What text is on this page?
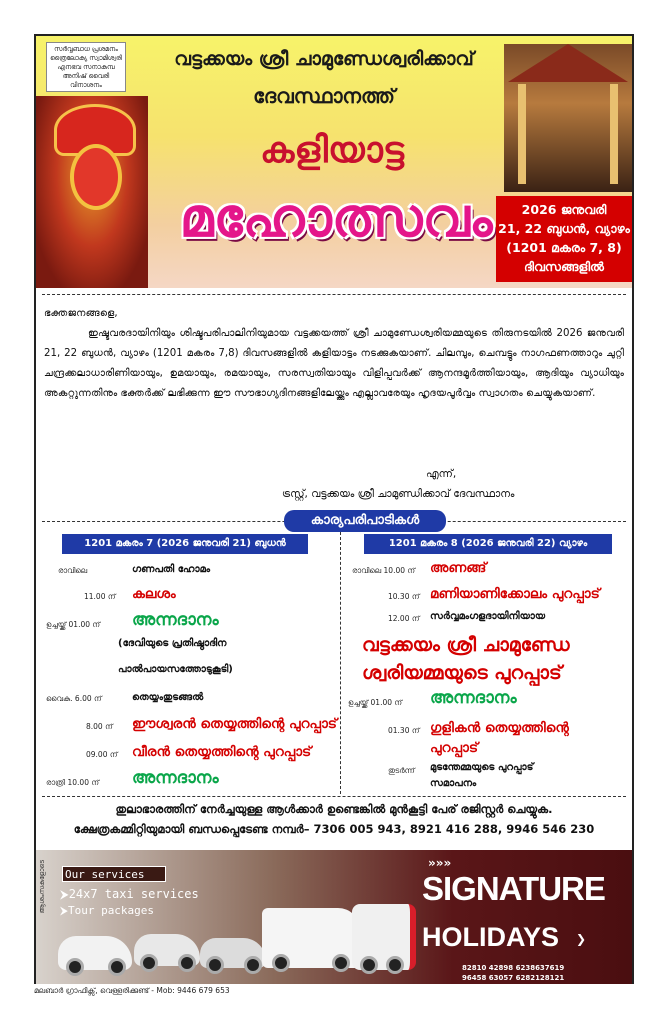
സർവ്വബാധ പ്രശമനം
ത്രൈലോക്യ സ്വാമിശ്വരി
എനഭവ സനാകമ്പ
അനിഷ് വൈരി വിനാശനം
വട്ടക്കയം ശ്രീ ചാമുണ്ഡേശ്വരിക്കാവ്
ദേവസ്ഥാനത്ത്
കളിയാട്ട
മഹോത്സവം	2026 ജനുവരി
21, 22 ബുധൻ, വ്യാഴം
(1201 മകരം 7, 8)
ദിവസങ്ങളിൽ
ഭക്തജനങ്ങളെ,
ഇഷ്ടവരദായിനിയും ശിഷ്ടപരിപാലിനിയുമായ വട്ടക്കയത്ത് ശ്രീ ചാമുണ്ഡേശ്വരിയമ്മയുടെ തിരുനടയിൽ 2026 ജനുവരി 21, 22 ബുധൻ, വ്യാഴം (1201 മകരം 7,8) ദിവസങ്ങളിൽ കളിയാട്ടം നടക്കുകയാണ്. ചിലമ്പും, ചെമ്പട്ടും നാഗഫണത്താറും ചുറ്റി ചന്ദ്രക്കലാധാരിണിയായും, ഉമയായും, രമയായും, സരസ്വതിയായും വിളിപ്പവർക്ക് ആനന്ദമൂർത്തിയായും, ആദിയും വ്യാധിയും അകറ്റുന്നതിനും ഭക്തർക്ക് ലഭിക്കുന്ന ഈ സൗഭാഗ്യദിനങ്ങളിലേയ്ക്കും എല്ലാവരേയും ഹൃദയപൂർവ്വം സ്വാഗതം ചെയ്യുകയാണ്.
എന്ന്,
ട്രസ്റ്റ്, വട്ടക്കയം ശ്രീ ചാമുണ്ഡിക്കാവ് ദേവസ്ഥാനം
കാര്യപരിപാടികൾ
1201 മകരം 7 (2026 ജനുവരി 21) ബുധൻ	1201 മകരം 8 (2026 ജനുവരി 22) വ്യാഴം
രാവിലെ	ഗണപതി ഹോമം
11.00 ന് കലശം
ഉച്ചയ്ക്ക് 01.00 ന് അന്നദാനം
(ദേവിയുടെ പ്രതിഷ്ഠാദിന
പാൽപായസത്തോടുകൂടി)
വൈകു. 6.00 ന്	തെയ്യംതുടങ്ങൽ
8.00 ന് ഈശ്വരൻ തെയ്യത്തിന്റെ പുറപ്പാട്
09.00 ന് വീരൻ തെയ്യത്തിന്റെ പുറപ്പാട്
രാത്രി 10.00 ന് അന്നദാനം
രാവിലെ 10.00 ന് അണങ്ങ്
10.30 ന് മണിയാണിക്കോലം പുറപ്പാട്
12.00 ന് സർവ്വമംഗളദായിനിയായ
വട്ടക്കയം ശ്രീ ചാമുണ്ഡേ
ശ്വരിയമ്മയുടെ പുറപ്പാട്
ഉച്ചയ്ക്ക് 01.00 ന് അന്നദാനം
01.30 ന് ഗുളികൻ തെയ്യത്തിന്റെ
പുറപ്പാട്
തുടർന്ന് മുടന്തേമ്മയുടെ പുറപ്പാട്
സമാപനം
തുലാഭാരത്തിന് നേർച്ചയുള്ള ആൾക്കാർ ഉണ്ടെങ്കിൽ മുൻകൂട്ടി പേര് രജിസ്റ്റർ ചെയ്യുക.
ക്ഷേത്രകമ്മിറ്റിയുമായി ബന്ധപ്പെടേണ്ട നമ്പർ– 7306 005 943, 8921 416 288, 9946 546 230
ആശംസകളോടെ Our services
⮞24x7 taxi services
⮞Tour packages
»»»
SIGNATURE
HOLIDAYS ❯
82810 42898 6238637619
96458 63057 6282128121
മലബാർ ഗ്രാഫിക്സ്, വെള്ളരിക്കുണ്ട് - Mob: 9446 679 653
